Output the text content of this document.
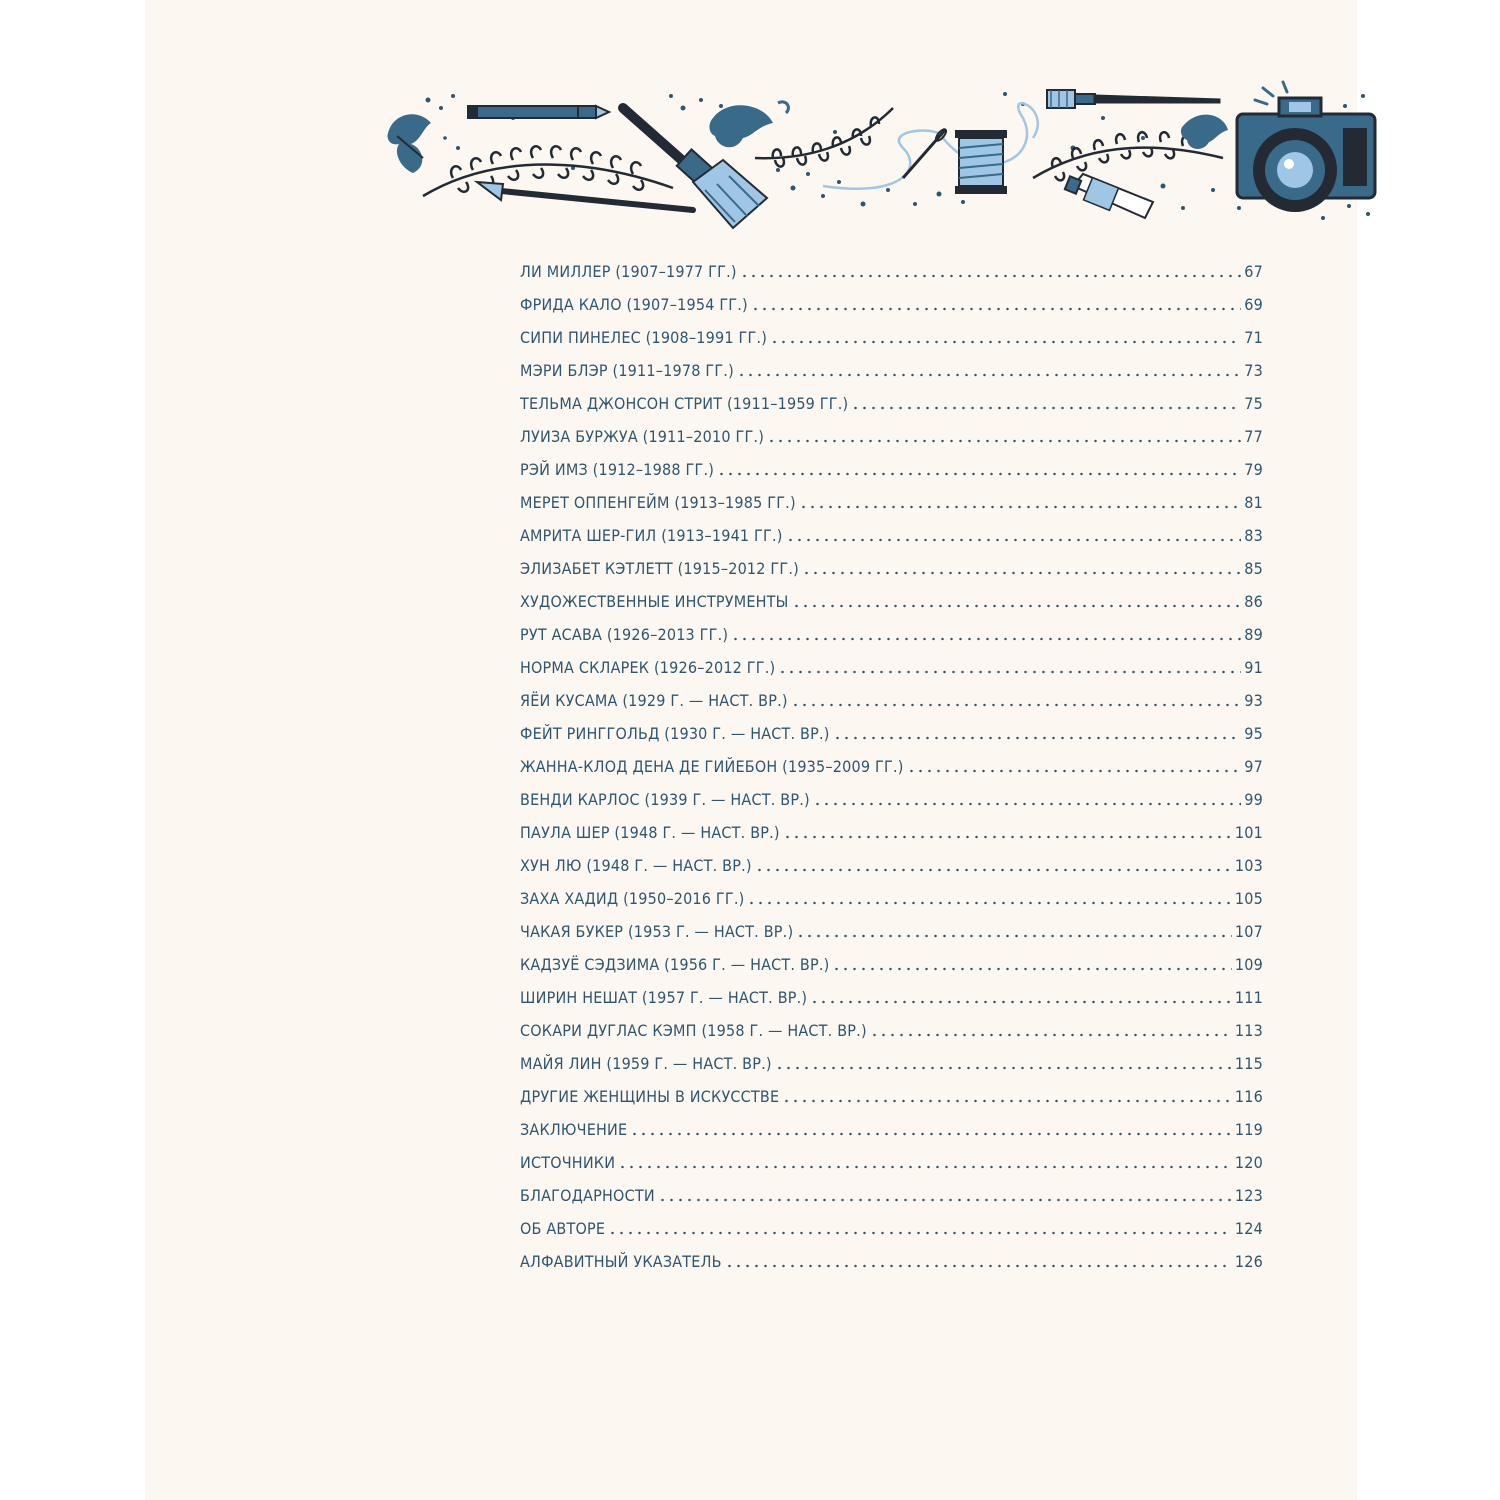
ЛИ МИЛЛЕР (1907–1977 ГГ.)	67
ФРИДА КАЛО (1907–1954 ГГ.)	69
СИПИ ПИНЕЛЕС (1908–1991 ГГ.)	71
МЭРИ БЛЭР (1911–1978 ГГ.)	73
ТЕЛЬМА ДЖОНСОН СТРИТ (1911–1959 ГГ.)	75
ЛУИЗА БУРЖУА (1911–2010 ГГ.)	77
РЭЙ ИМЗ (1912–1988 ГГ.)	79
МЕРЕТ ОППЕНГЕЙМ (1913–1985 ГГ.)	81
АМРИТА ШЕР-ГИЛ (1913–1941 ГГ.)	83
ЭЛИЗАБЕТ КЭТЛЕТТ (1915–2012 ГГ.)	85
ХУДОЖЕСТВЕННЫЕ ИНСТРУМЕНТЫ	86
РУТ АСАВА (1926–2013 ГГ.)	89
НОРМА СКЛАРЕК (1926–2012 ГГ.)	91
ЯЁИ КУСАМА (1929 Г. — НАСТ. ВР.)	93
ФЕЙТ РИНГГОЛЬД (1930 Г. — НАСТ. ВР.)	95
ЖАННА-КЛОД ДЕНА ДЕ ГИЙЕБОН (1935–2009 ГГ.)	97
ВЕНДИ КАРЛОС (1939 Г. — НАСТ. ВР.)	99
ПАУЛА ШЕР (1948 Г. — НАСТ. ВР.)	101
ХУН ЛЮ (1948 Г. — НАСТ. ВР.)	103
ЗАХА ХАДИД (1950–2016 ГГ.)	105
ЧАКАЯ БУКЕР (1953 Г. — НАСТ. ВР.)	107
КАДЗУЁ СЭДЗИМА (1956 Г. — НАСТ. ВР.)	109
ШИРИН НЕШАТ (1957 Г. — НАСТ. ВР.)	111
СОКАРИ ДУГЛАС КЭМП (1958 Г. — НАСТ. ВР.)	113
МАЙЯ ЛИН (1959 Г. — НАСТ. ВР.)	115
ДРУГИЕ ЖЕНЩИНЫ В ИСКУССТВЕ	116
ЗАКЛЮЧЕНИЕ	119
ИСТОЧНИКИ	120
БЛАГОДАРНОСТИ	123
ОБ АВТОРЕ	124
АЛФАВИТНЫЙ УКАЗАТЕЛЬ	126
